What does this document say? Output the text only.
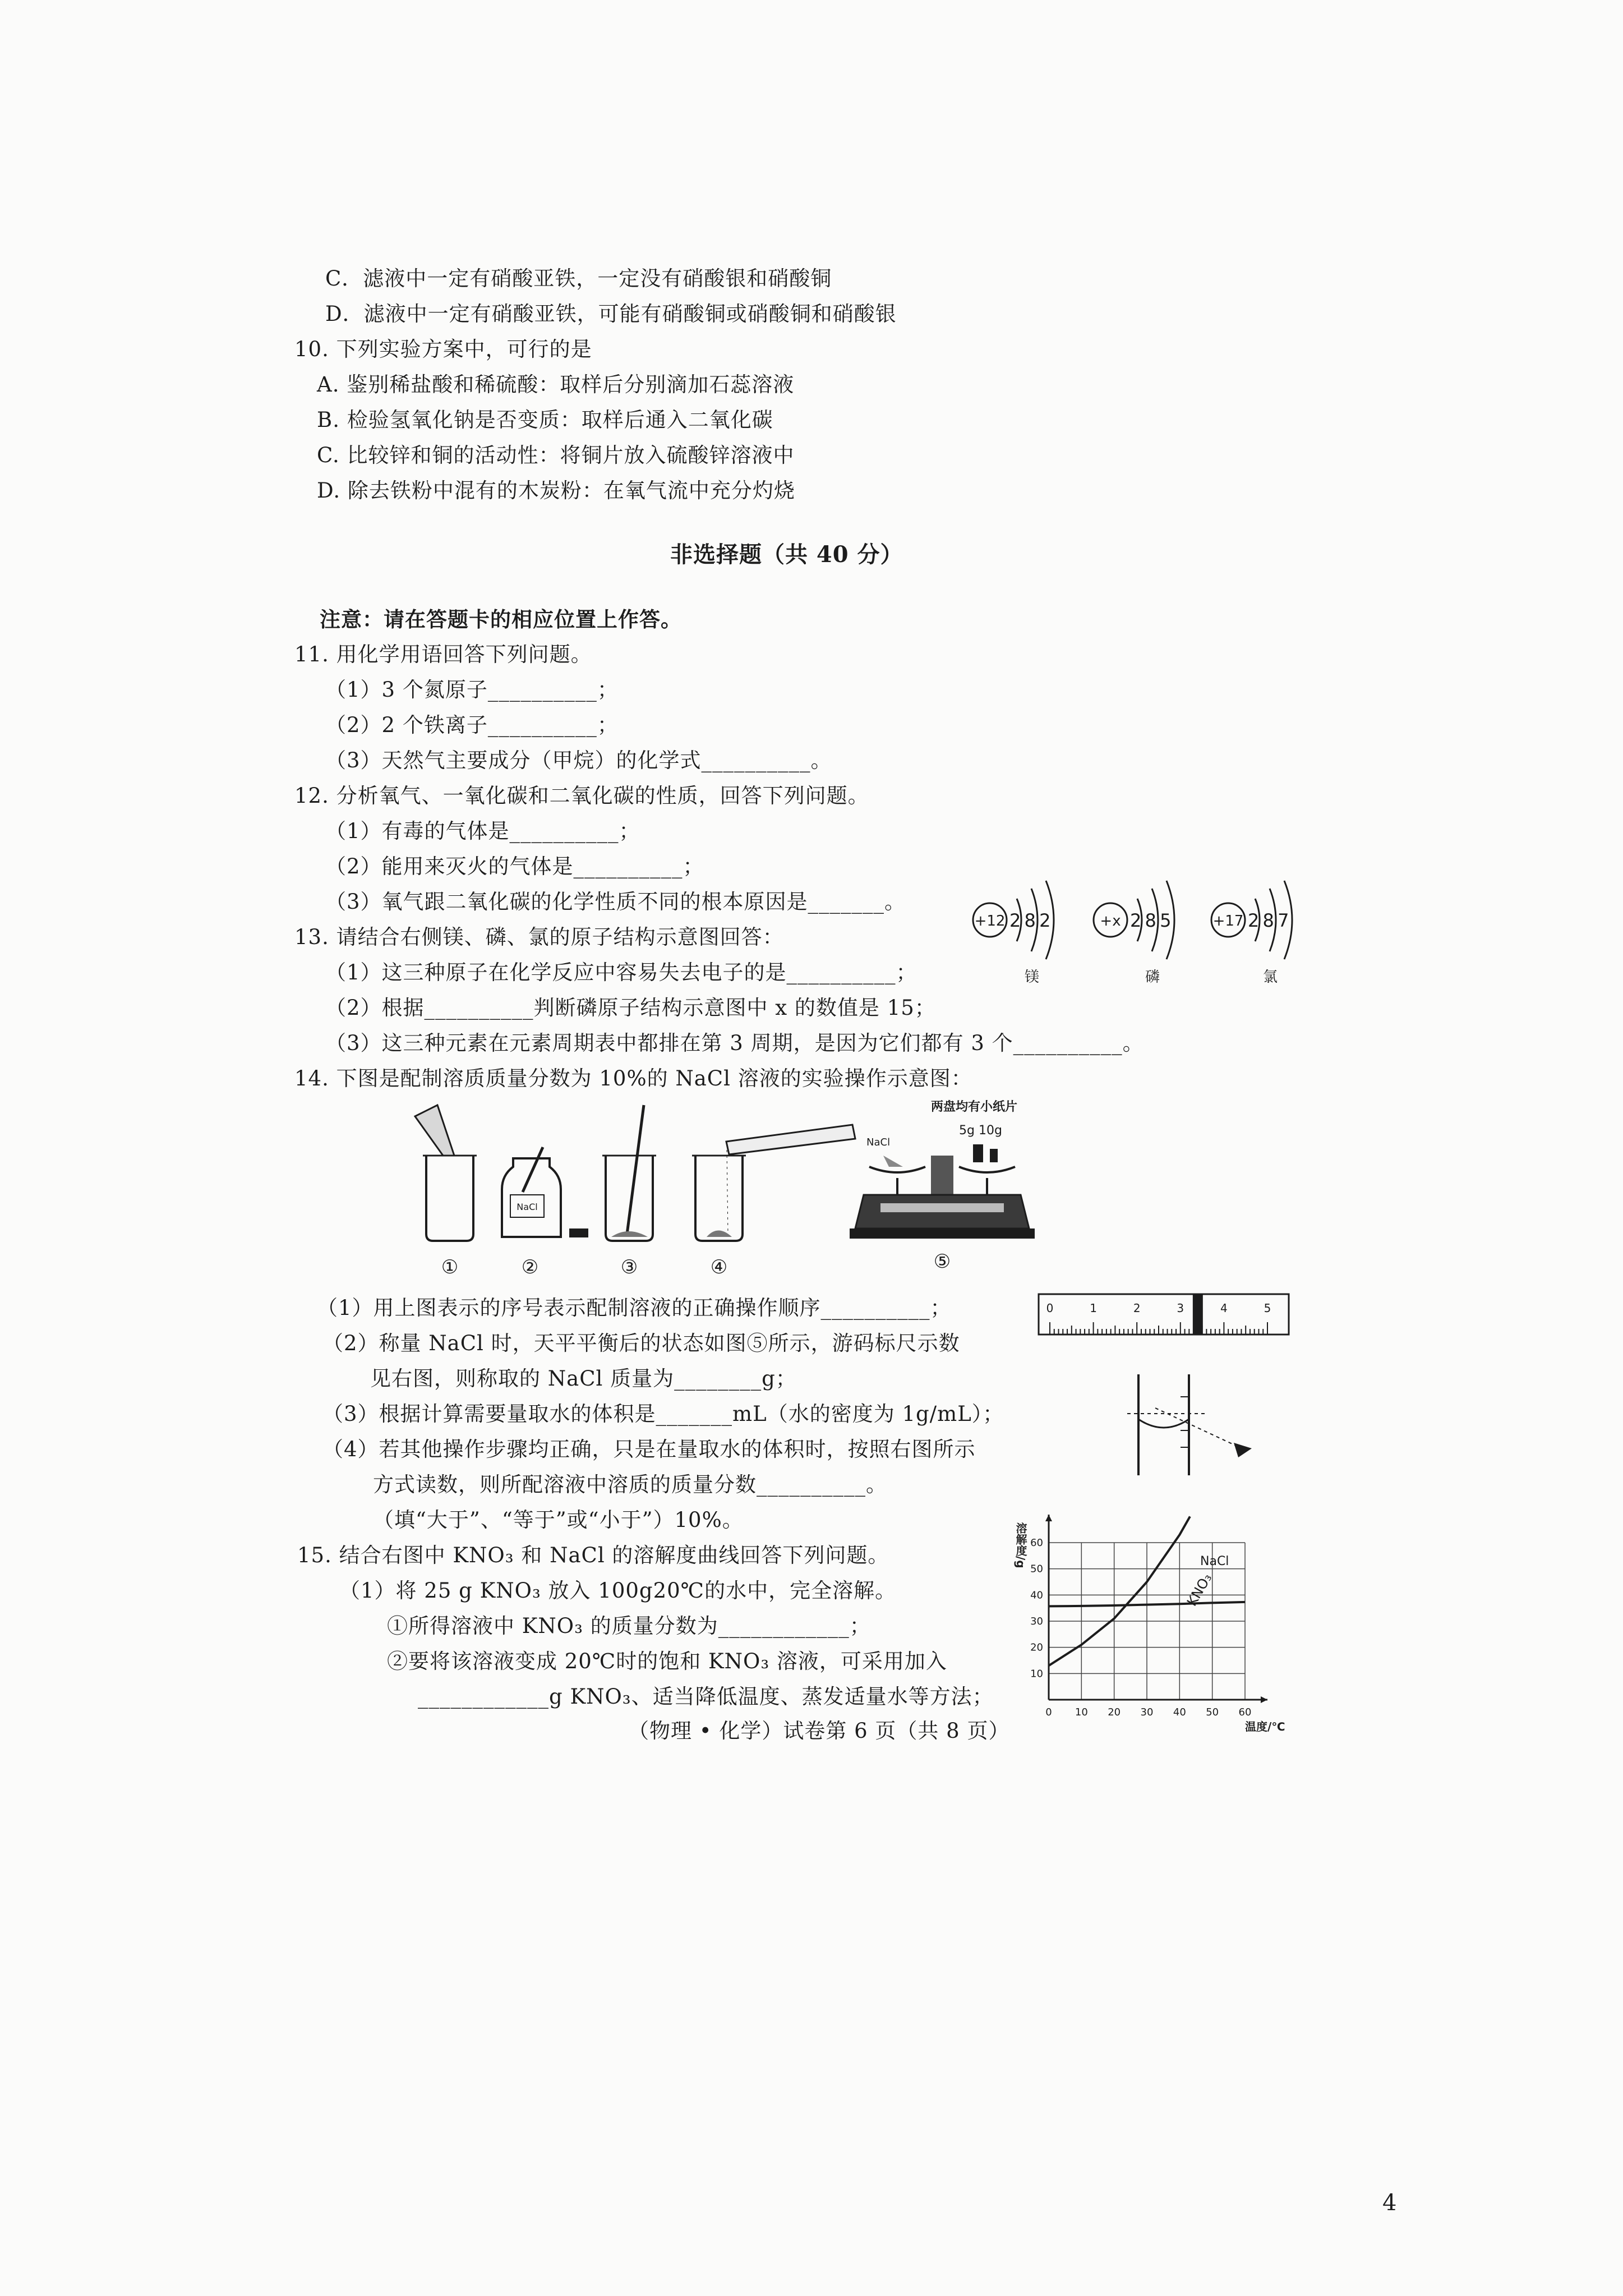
C．滤液中一定有硝酸亚铁，一定没有硝酸银和硝酸铜
D．滤液中一定有硝酸亚铁，可能有硝酸铜或硝酸铜和硝酸银
10. 下列实验方案中，可行的是
A. 鉴别稀盐酸和稀硫酸：取样后分别滴加石蕊溶液
B. 检验氢氧化钠是否变质：取样后通入二氧化碳
C. 比较锌和铜的活动性：将铜片放入硫酸锌溶液中
D. 除去铁粉中混有的木炭粉：在氧气流中充分灼烧
非选择题（共 40 分）
注意：请在答题卡的相应位置上作答。
11. 用化学用语回答下列问题。
（1）3 个氮原子__________；
（2）2 个铁离子__________；
（3）天然气主要成分（甲烷）的化学式__________。
12. 分析氧气、一氧化碳和二氧化碳的性质，回答下列问题。
（1）有毒的气体是__________；
（2）能用来灭火的气体是__________；
（3）氧气跟二氧化碳的化学性质不同的根本原因是_______。
13. 请结合右侧镁、磷、氯的原子结构示意图回答：
（1）这三种原子在化学反应中容易失去电子的是__________；
（2）根据__________判断磷原子结构示意图中 x 的数值是 15；
（3）这三种元素在元素周期表中都排在第 3 周期，是因为它们都有 3 个__________。
+12 2 8 2
镁
+x 2 8 5
磷
+17 2 8 7
氯
14. 下图是配制溶质质量分数为 10%的 NaCl 溶液的实验操作示意图：
①
NaCl
②	③	④
两盘均有小纸片
5g 10g
NaCl
⑤
（1）用上图表示的序号表示配制溶液的正确操作顺序__________；
（2）称量 NaCl 时，天平平衡后的状态如图⑤所示，游码标尺示数
见右图，则称取的 NaCl 质量为________g；
（3）根据计算需要量取水的体积是_______mL（水的密度为 1g/mL）；
（4）若其他操作步骤均正确，只是在量取水的体积时，按照右图所示
方式读数，则所配溶液中溶质的质量分数__________。
（填“大于”、“等于”或“小于”）10%。
0	1	2	3	4	5
15. 结合右图中 KNO₃ 和 NaCl 的溶解度曲线回答下列问题。
（1）将 25 g KNO₃ 放入 100g20℃的水中，完全溶解。
①所得溶液中 KNO₃ 的质量分数为____________；
②要将该溶液变成 20℃时的饱和 KNO₃ 溶液，可采用加入
____________g KNO₃、适当降低温度、蒸发适量水等方法；
溶解度/g
0 10 20 30 40 50 60
10
20
30
40
50
60
KNO₃
NaCl
温度/℃
（物理 • 化学）试卷第 6 页（共 8 页）
4
